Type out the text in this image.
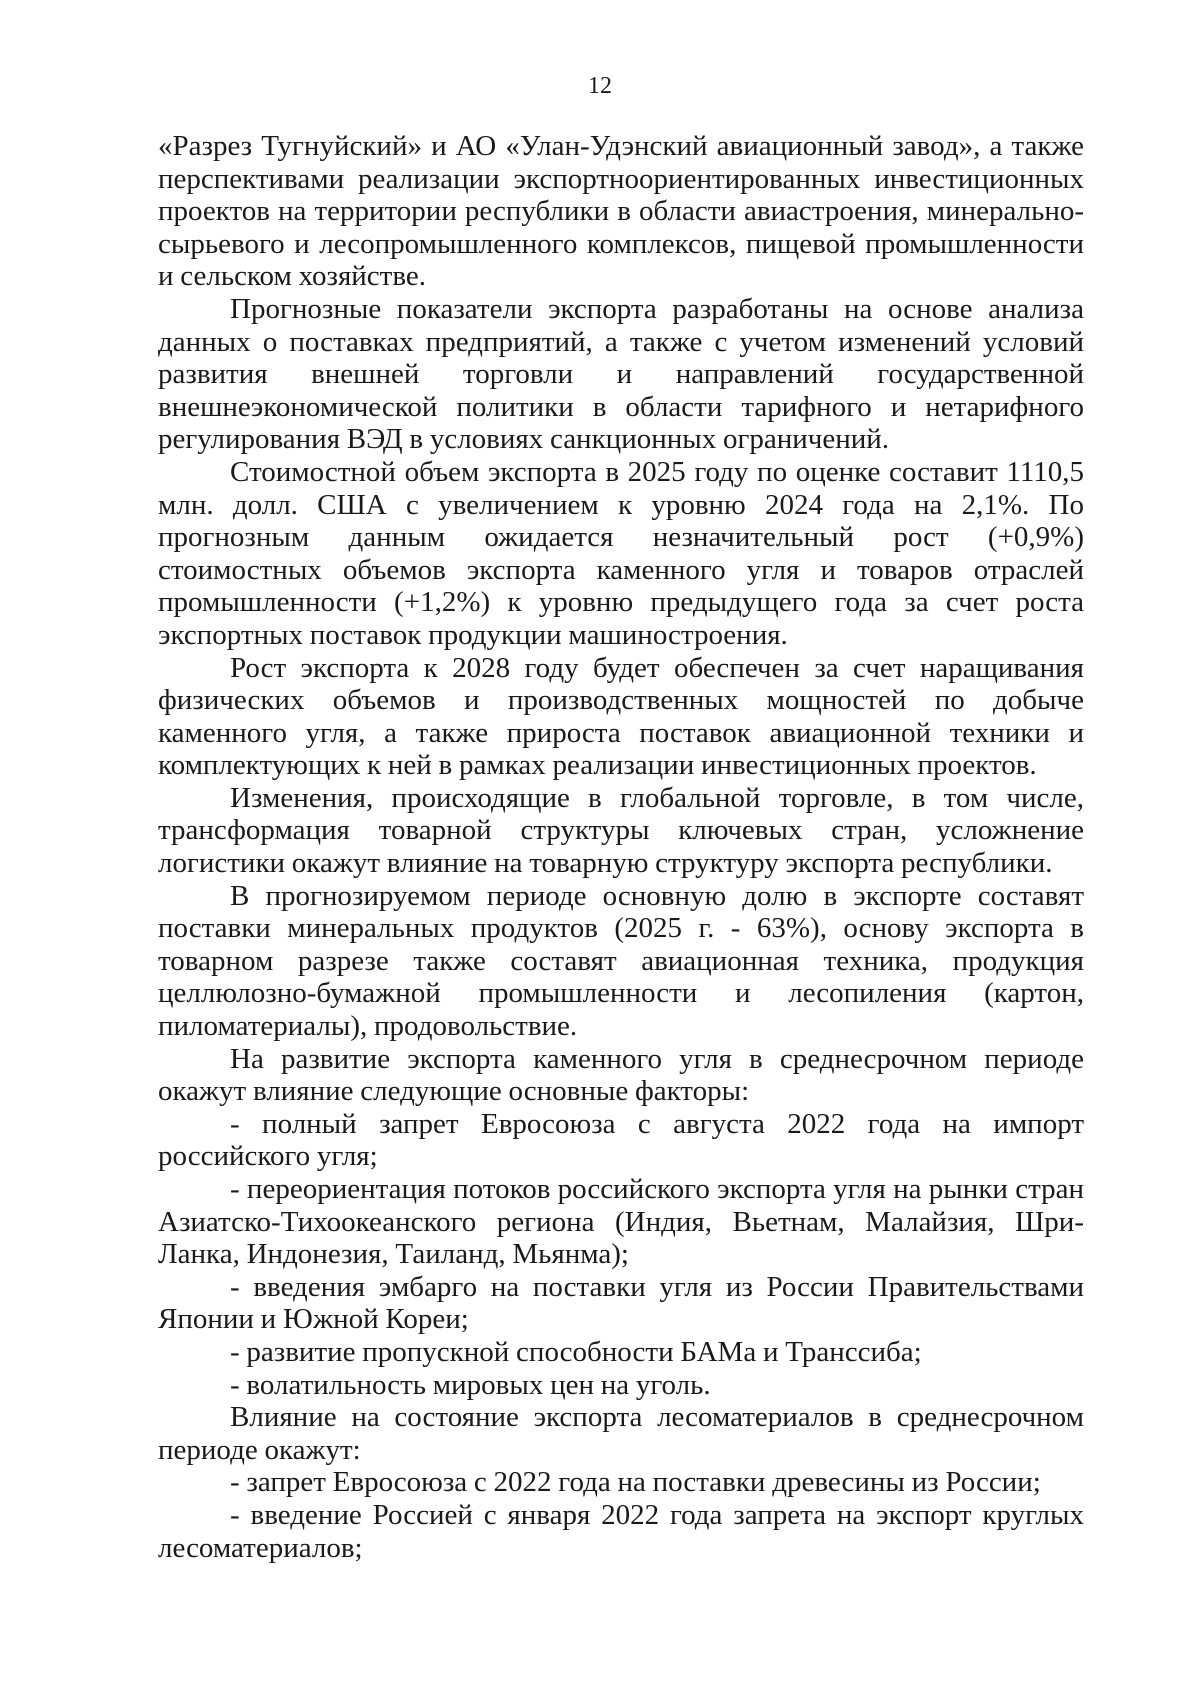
12

«Разрез Тугнуйский» и АО «Улан-Удэнский авиационный завод», а также перспективами реализации экспортноориентированных инвестиционных проектов на территории республики в области авиастроения, минерально-сырьевого и лесопромышленного комплексов, пищевой промышленности и сельском хозяйстве.

Прогнозные показатели экспорта разработаны на основе анализа данных о поставках предприятий, а также с учетом изменений условий развития внешней торговли и направлений государственной внешнеэкономической политики в области тарифного и нетарифного регулирования ВЭД в условиях санкционных ограничений.

Стоимостной объем экспорта в 2025 году по оценке составит 1110,5 млн. долл. США с увеличением к уровню 2024 года на 2,1%. По прогнозным данным ожидается незначительный рост (+0,9%) стоимостных объемов экспорта каменного угля и товаров отраслей промышленности (+1,2%) к уровню предыдущего года за счет роста экспортных поставок продукции машиностроения.

Рост экспорта к 2028 году будет обеспечен за счет наращивания физических объемов и производственных мощностей по добыче каменного угля, а также прироста поставок авиационной техники и комплектующих к ней в рамках реализации инвестиционных проектов.

Изменения, происходящие в глобальной торговле, в том числе, трансформация товарной структуры ключевых стран, усложнение логистики окажут влияние на товарную структуру экспорта республики.

В прогнозируемом периоде основную долю в экспорте составят поставки минеральных продуктов (2025 г. - 63%), основу экспорта в товарном разрезе также составят авиационная техника, продукция целлюлозно-бумажной промышленности и лесопиления (картон, пиломатериалы), продовольствие.

На развитие экспорта каменного угля в среднесрочном периоде окажут влияние следующие основные факторы:

- полный запрет Евросоюза с августа 2022 года на импорт российского угля;

- переориентация потоков российского экспорта угля на рынки стран Азиатско-Тихоокеанского региона (Индия, Вьетнам, Малайзия, Шри-Ланка, Индонезия, Таиланд, Мьянма);

- введения эмбарго на поставки угля из России Правительствами Японии и Южной Кореи;

- развитие пропускной способности БАМа и Транссиба;

- волатильность мировых цен на уголь.

Влияние на состояние экспорта лесоматериалов в среднесрочном периоде окажут:

- запрет Евросоюза с 2022 года на поставки древесины из России;

- введение Россией с января 2022 года запрета на экспорт круглых лесоматериалов;
